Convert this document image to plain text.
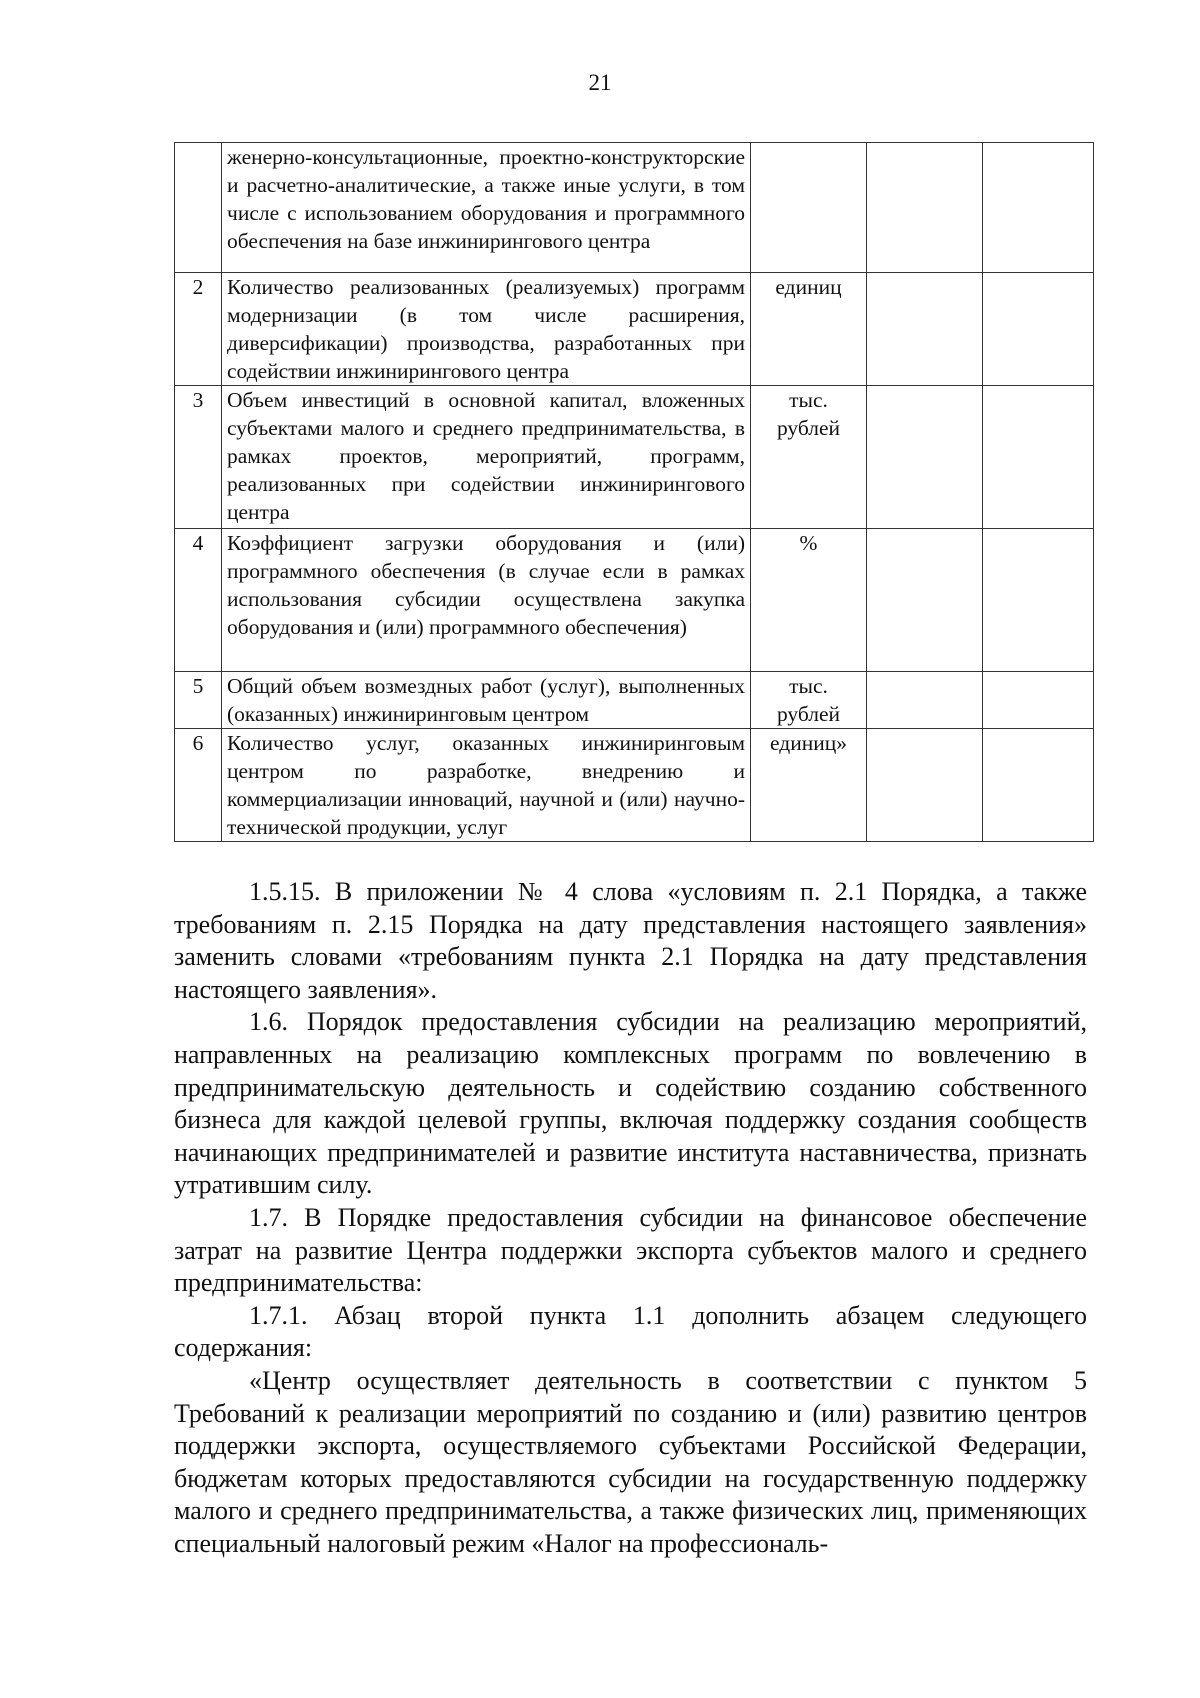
21
	женерно-консультационные, проектно-конструкторские и расчетно-аналитические, а также иные услуги, в том числе с использованием оборудования и программного обеспечения на базе инжинирингового центра			
2	Количество реализованных (реализуемых) программ модернизации (в том числе расширения, диверсификации) производства, разработанных при содействии инжинирингового центра	единиц		
3	Объем инвестиций в основной капитал, вложенных субъектами малого и среднего предпринимательства, в рамках проектов, мероприятий, программ, реализованных при содействии инжинирингового центра	тыс. рублей		
4	Коэффициент загрузки оборудования и (или) программного обеспечения (в случае если в рамках использования субсидии осуществлена закупка оборудования и (или) программного обеспечения)	%		
5	Общий объем возмездных работ (услуг), выполненных (оказанных) инжиниринговым центром	тыс. рублей		
6	Количество услуг, оказанных инжиниринговым центром по разработке, внедрению и коммерциализации инноваций, научной и (или) научно-технической продукции, услуг	единиц»		

1.5.15. В приложении № 4 слова «условиям п. 2.1 Порядка, а также требованиям п. 2.15 Порядка на дату представления настоящего заявления» заменить словами «требованиям пункта 2.1 Порядка на дату представления настоящего заявления».

1.6. Порядок предоставления субсидии на реализацию мероприятий, направленных на реализацию комплексных программ по вовлечению в предпринимательскую деятельность и содействию созданию собственного бизнеса для каждой целевой группы, включая поддержку создания сообществ начинающих предпринимателей и развитие института наставничества, признать утратившим силу.

1.7. В Порядке предоставления субсидии на финансовое обеспечение затрат на развитие Центра поддержки экспорта субъектов малого и среднего предпринимательства:

1.7.1. Абзац второй пункта 1.1 дополнить абзацем следующего содержания:

«Центр осуществляет деятельность в соответствии с пунктом 5 Требований к реализации мероприятий по созданию и (или) развитию центров поддержки экспорта, осуществляемого субъектами Российской Федерации, бюджетам которых предоставляются субсидии на государственную поддержку малого и среднего предпринимательства, а также физических лиц, применяющих специальный налоговый режим «Налог на профессиональ-
